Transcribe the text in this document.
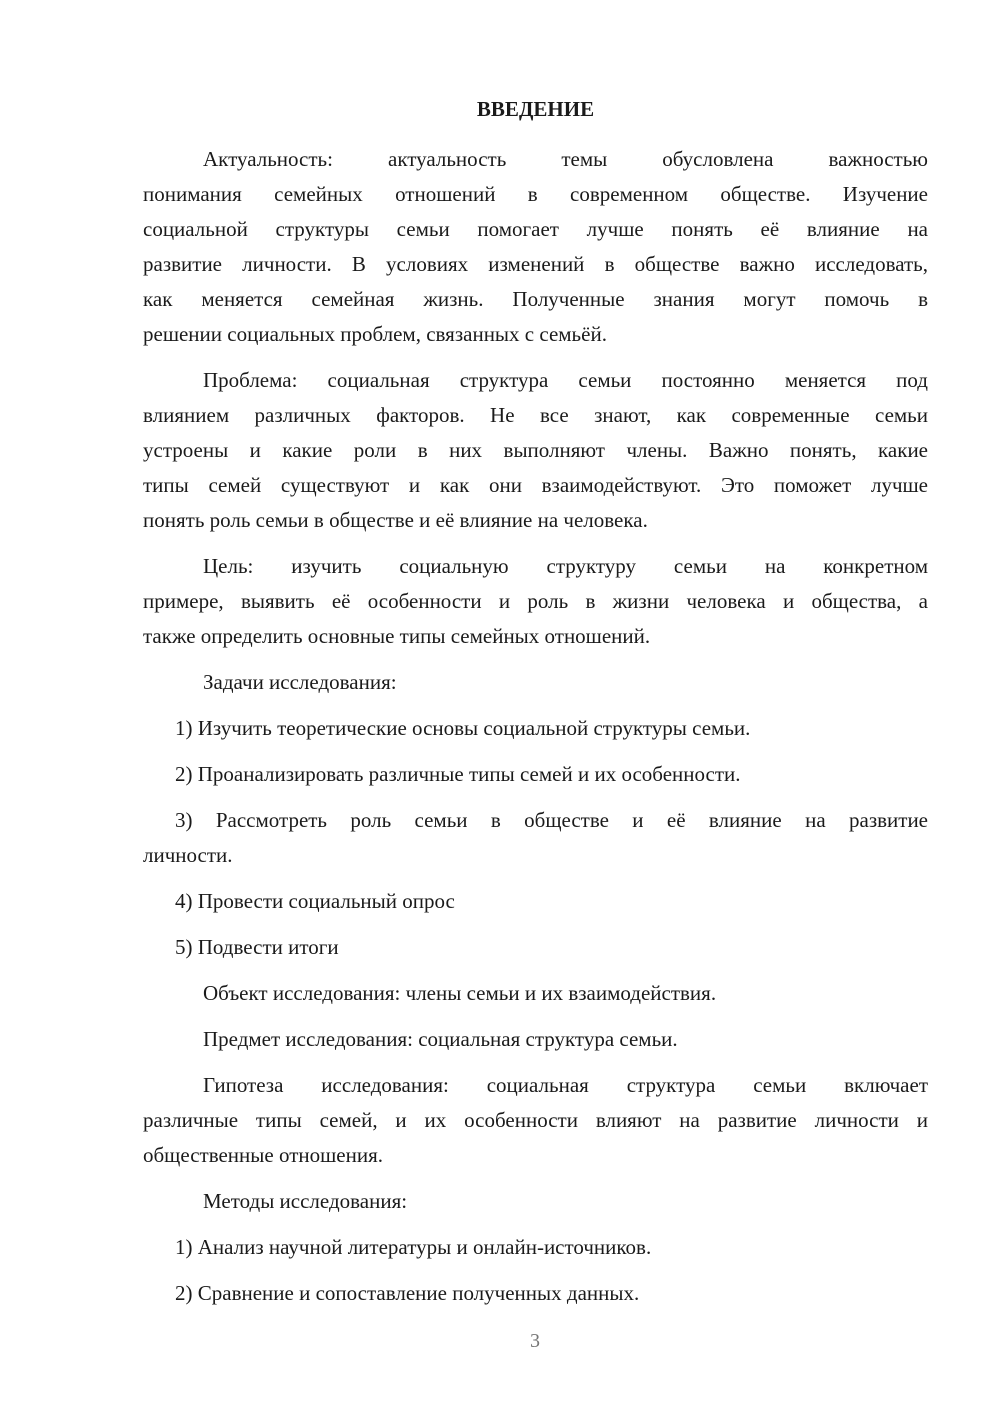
ВВЕДЕНИЕ
Актуальность: актуальность темы обусловлена важностью
понимания семейных отношений в современном обществе. Изучение
социальной структуры семьи помогает лучше понять её влияние на
развитие личности. В условиях изменений в обществе важно исследовать,
как меняется семейная жизнь. Полученные знания могут помочь в
решении социальных проблем, связанных с семьёй.
Проблема: социальная структура семьи постоянно меняется под
влиянием различных факторов. Не все знают, как современные семьи
устроены и какие роли в них выполняют члены. Важно понять, какие
типы семей существуют и как они взаимодействуют. Это поможет лучше
понять роль семьи в обществе и её влияние на человека.
Цель: изучить социальную структуру семьи на конкретном
примере, выявить её особенности и роль в жизни человека и общества, а
также определить основные типы семейных отношений.
Задачи исследования:
1) Изучить теоретические основы социальной структуры семьи.
2) Проанализировать различные типы семей и их особенности.
3) Рассмотреть роль семьи в обществе и её влияние на развитие
личности.
4) Провести социальный опрос
5) Подвести итоги
Объект исследования: члены семьи и их взаимодействия.
Предмет исследования: социальная структура семьи.
Гипотеза исследования: социальная структура семьи включает
различные типы семей, и их особенности влияют на развитие личности и
общественные отношения.
Методы исследования:
1) Анализ научной литературы и онлайн-источников.
2) Сравнение и сопоставление полученных данных.
3
